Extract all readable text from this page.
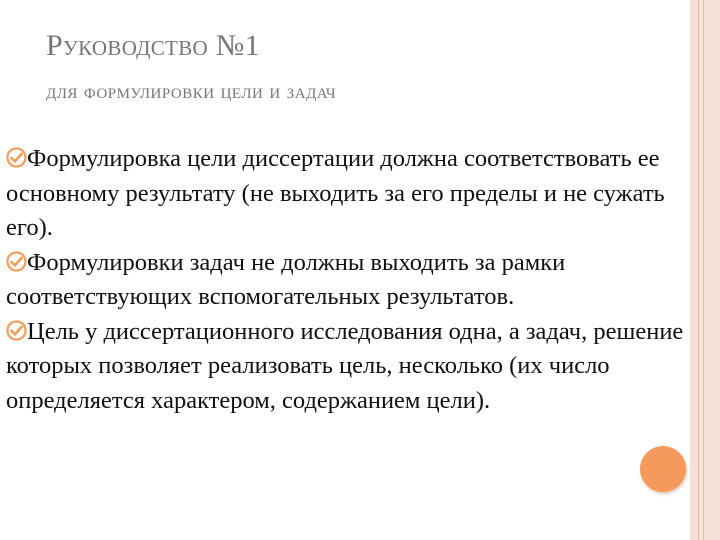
Руководство №1
для формулировки цели и задач
Формулировка цели диссертации должна соответствовать ее основному результату (не выходить за его пределы и не сужать его).
Формулировки задач не должны выходить за рамки соответствующих вспомогательных результатов.
Цель у диссертационного исследования одна, а задач, решение которых позволяет реализовать цель, несколько (их число определяется характером, содержанием цели).
